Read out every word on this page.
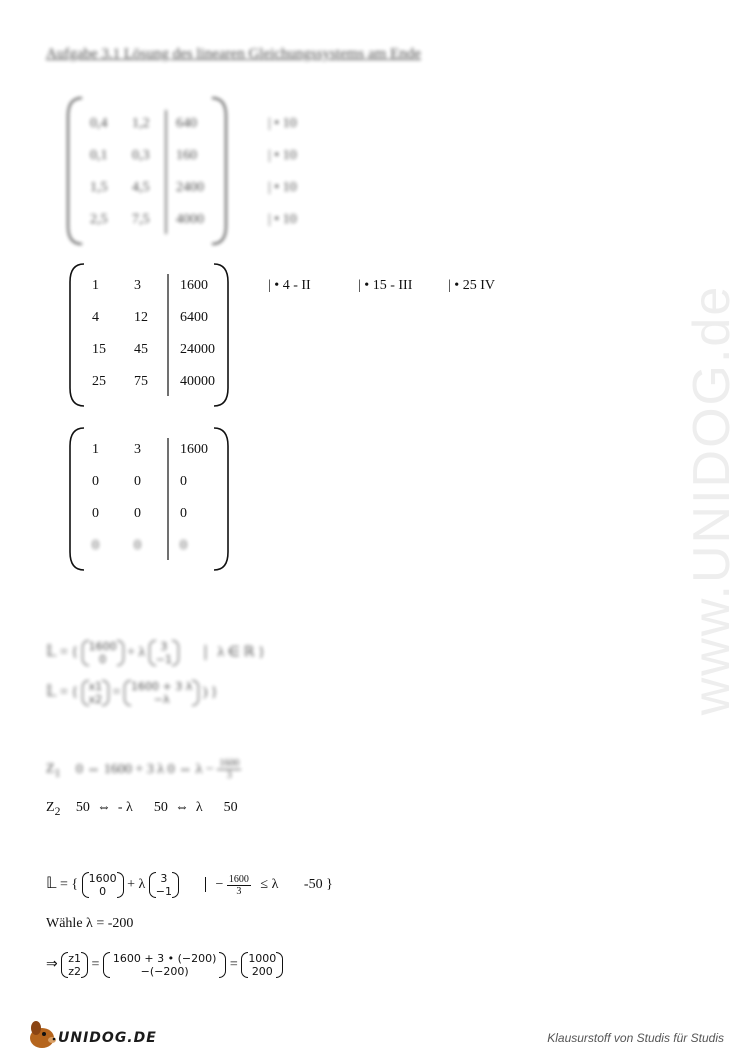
Aufgabe 3.1 Lösung des linearen Gleichungssystems am Ende
www.UNIDOG.de
0,4 1,2 640
0,1 0,3 160
1,5 4,5 2400
2,5 7,5 4000
| • 10
| • 10
| • 10
| • 10
1	3	1600
4	12 6400
15 45 24000
25 75 40000
| • 4 - II	| • 15 - III	| • 25 IV
1	3	1600
0	0	0
0	0	0
0	0	0
𝕃 = { 1600
0	+ λ	3
−1	λ ∈ ℝ }
𝕃 = { x1
x2 = 1600 + 3 λ
−λ	) }
$Z_1$ 0 ⇔ 1600 + 3 λ 0 ⇔ $\lambda - \frac{1600}{3}$
$Z_2$ 50  ⇔  - λ      50  ⇔  λ      50
𝕃 = { 1600
0	+ λ	3
−1	− $\frac{1600}{3} \le \lambda$ -50 }
Wähle λ = -200
⇒ z1
z2 = 1600 + 3 • (−200)
−(−200)	= 1000
200
UNIDOG.DE	Klausurstoff von Studis für Studis
